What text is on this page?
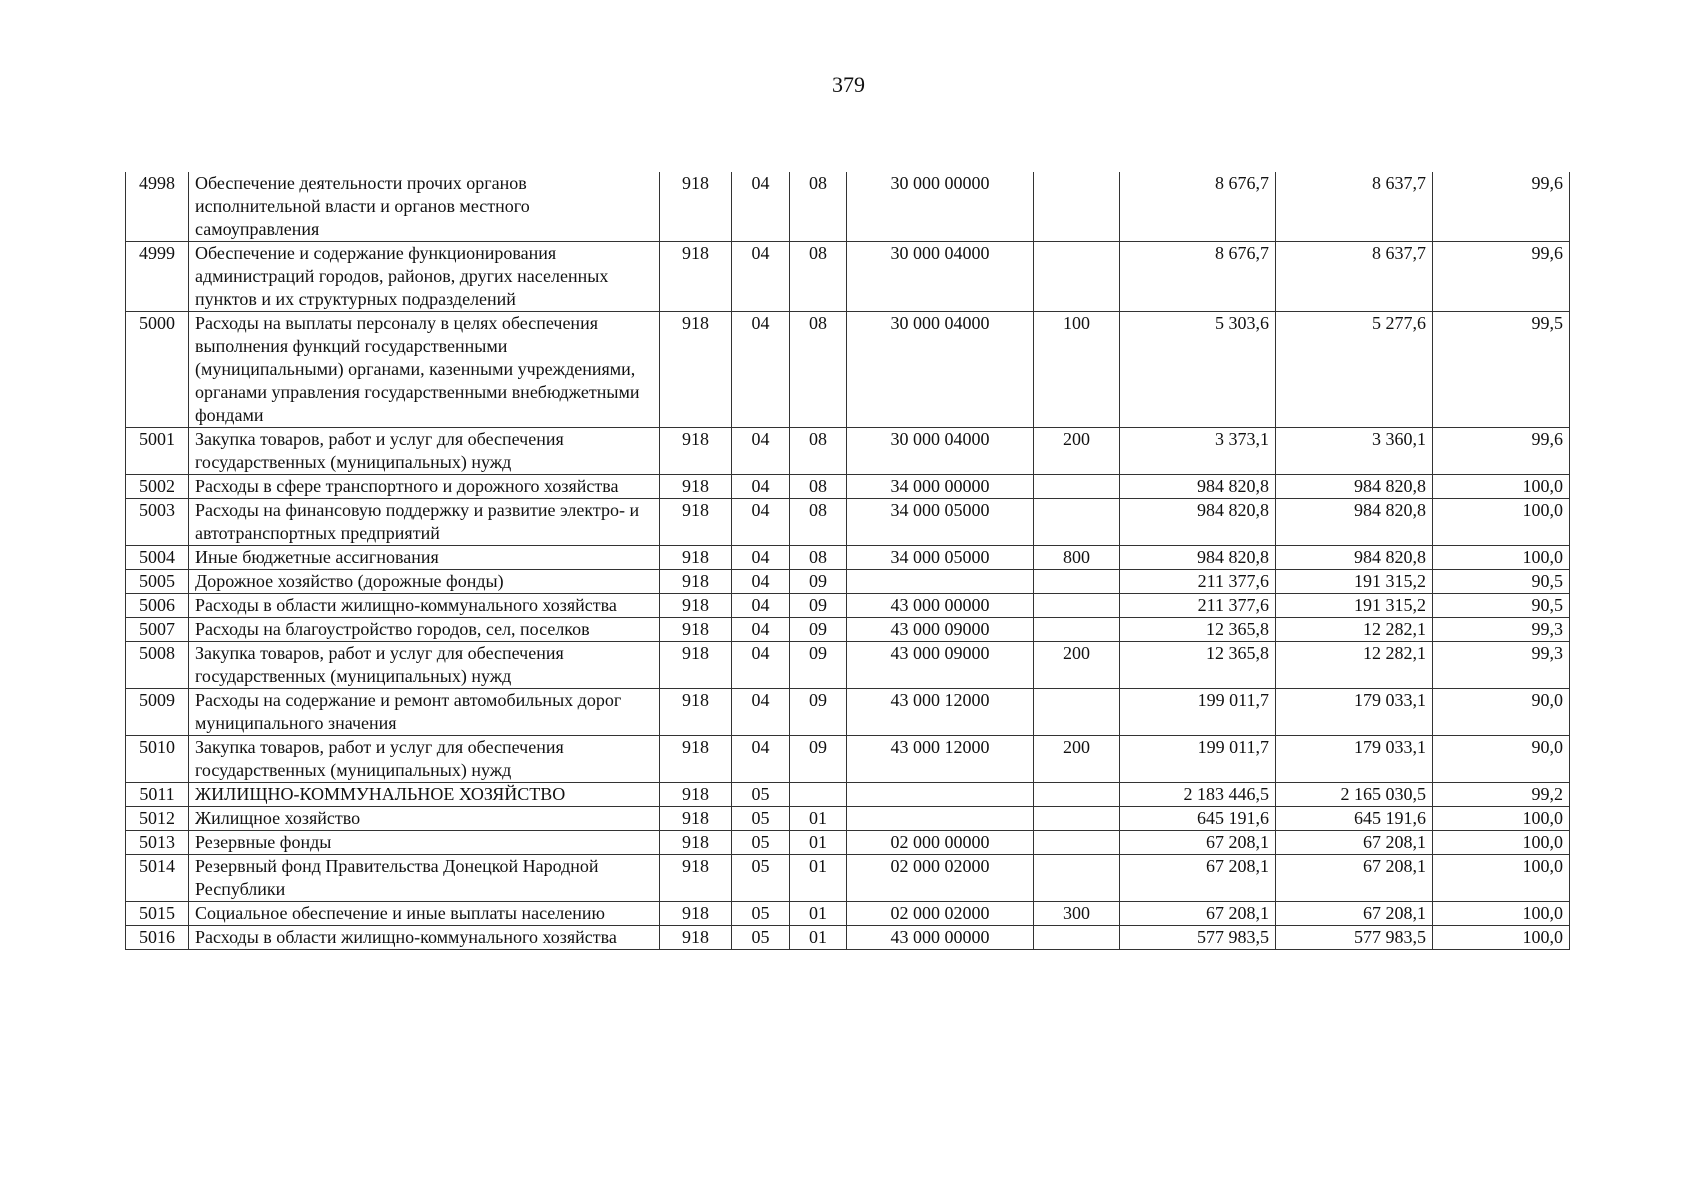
379
4998	Обеспечение деятельности прочих органов исполнительной власти и органов местного самоуправления	918	04	08	30 000 00000		8 676,7	8 637,7	99,6
4999	Обеспечение и содержание функционирования администраций городов, районов, других населенных пунктов и их структурных подразделений	918	04	08	30 000 04000		8 676,7	8 637,7	99,6
5000	Расходы на выплаты персоналу в целях обеспечения выполнения функций государственными (муниципальными) органами, казенными учреждениями, органами управления государственными внебюджетными фондами	918	04	08	30 000 04000	100	5 303,6	5 277,6	99,5
5001	Закупка товаров, работ и услуг для обеспечения государственных (муниципальных) нужд	918	04	08	30 000 04000	200	3 373,1	3 360,1	99,6
5002	Расходы в сфере транспортного и дорожного хозяйства	918	04	08	34 000 00000		984 820,8	984 820,8	100,0
5003	Расходы на финансовую поддержку и развитие электро- и автотранспортных предприятий	918	04	08	34 000 05000		984 820,8	984 820,8	100,0
5004	Иные бюджетные ассигнования	918	04	08	34 000 05000	800	984 820,8	984 820,8	100,0
5005	Дорожное хозяйство (дорожные фонды)	918	04	09			211 377,6	191 315,2	90,5
5006	Расходы в области жилищно-коммунального хозяйства	918	04	09	43 000 00000		211 377,6	191 315,2	90,5
5007	Расходы на благоустройство городов, сел, поселков	918	04	09	43 000 09000		12 365,8	12 282,1	99,3
5008	Закупка товаров, работ и услуг для обеспечения государственных (муниципальных) нужд	918	04	09	43 000 09000	200	12 365,8	12 282,1	99,3
5009	Расходы на содержание и ремонт автомобильных дорог муниципального значения	918	04	09	43 000 12000		199 011,7	179 033,1	90,0
5010	Закупка товаров, работ и услуг для обеспечения государственных (муниципальных) нужд	918	04	09	43 000 12000	200	199 011,7	179 033,1	90,0
5011	ЖИЛИЩНО-КОММУНАЛЬНОЕ ХОЗЯЙСТВО	918	05				2 183 446,5	2 165 030,5	99,2
5012	Жилищное хозяйство	918	05	01			645 191,6	645 191,6	100,0
5013	Резервные фонды	918	05	01	02 000 00000		67 208,1	67 208,1	100,0
5014	Резервный фонд Правительства Донецкой Народной Республики	918	05	01	02 000 02000		67 208,1	67 208,1	100,0
5015	Социальное обеспечение и иные выплаты населению	918	05	01	02 000 02000	300	67 208,1	67 208,1	100,0
5016	Расходы в области жилищно-коммунального хозяйства	918	05	01	43 000 00000		577 983,5	577 983,5	100,0
